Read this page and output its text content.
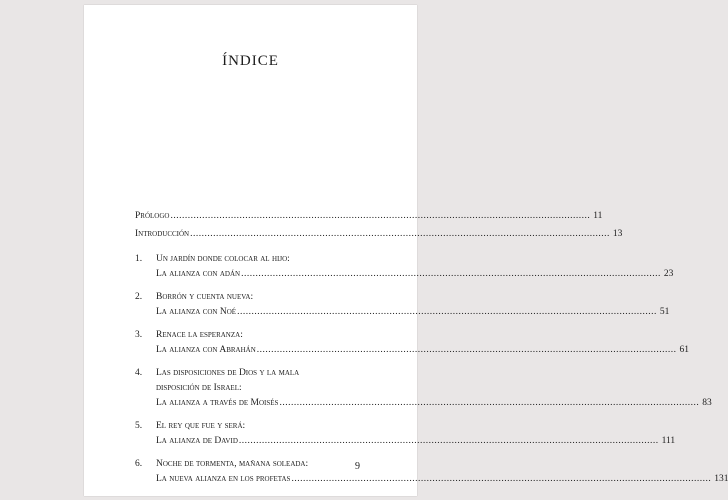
ÍNDICE
Prólogo .....	11
Introducción .....	13
1.	Un jardín donde colocar al hijo:
La alianza con adán .....	23
2.	Borrón y cuenta nueva:
La alianza con Noé .....	51
3.	Renace la esperanza:
La alianza con Abrahán .....	61
4.	Las disposiciones de Dios y la mala
disposición de Israel:
La alianza a través de Moisés .....	83
5.	El rey que fue y será:
La alianza de David .....	111
6.	Noche de tormenta, mañana soleada:
La nueva alianza en los profetas .....	131
9
